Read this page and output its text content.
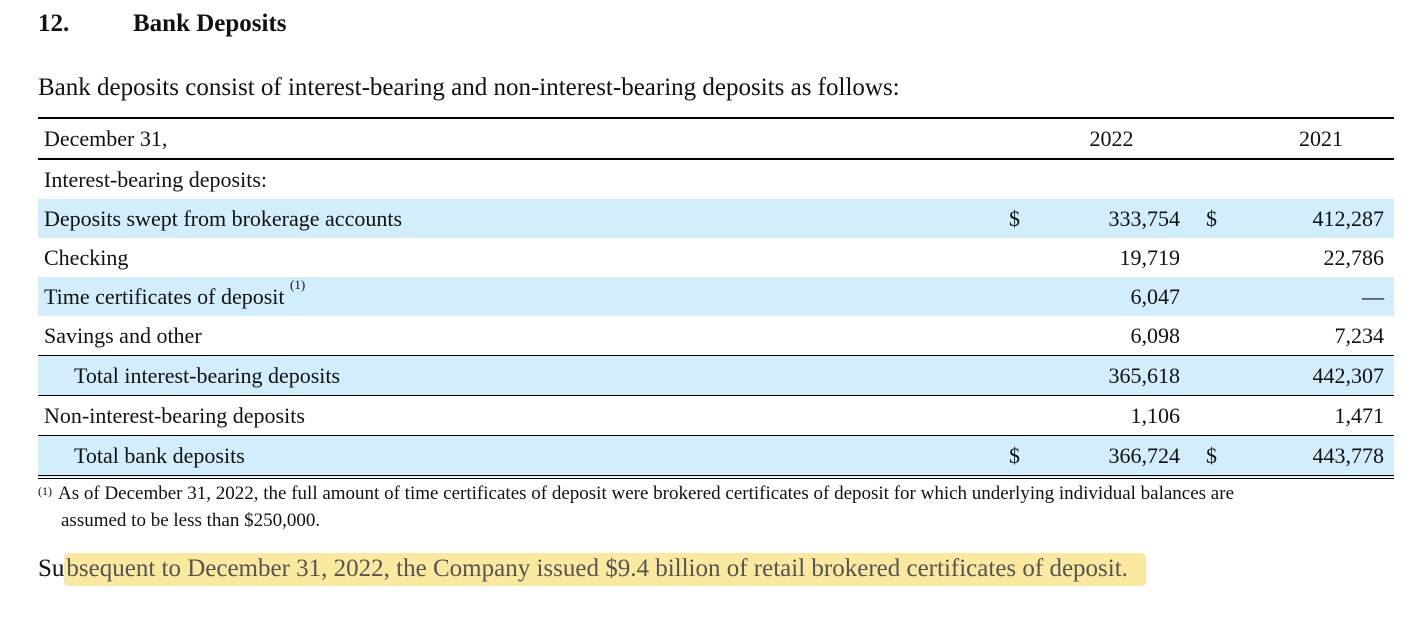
12.	Bank Deposits
Bank deposits consist of interest-bearing and non-interest-bearing deposits as follows:
December 31,		2022		2021
Interest-bearing deposits:				
Deposits swept from brokerage accounts	$	333,754	$	412,287
Checking		19,719		22,786
Time certificates of deposit $^{(1)}$		6,047		—
Savings and other		6,098		7,234
Total interest-bearing deposits		365,618		442,307
Non-interest-bearing deposits		1,106		1,471
Total bank deposits	$	366,724	$	443,778
$^{(1)}$ As of December 31, 2022, the full amount of time certificates of deposit were brokered certificates of deposit for which underlying individual balances are
assumed to be less than $250,000.
Subsequent to December 31, 2022, the Company issued $9.4 billion of retail brokered certificates of deposit.
